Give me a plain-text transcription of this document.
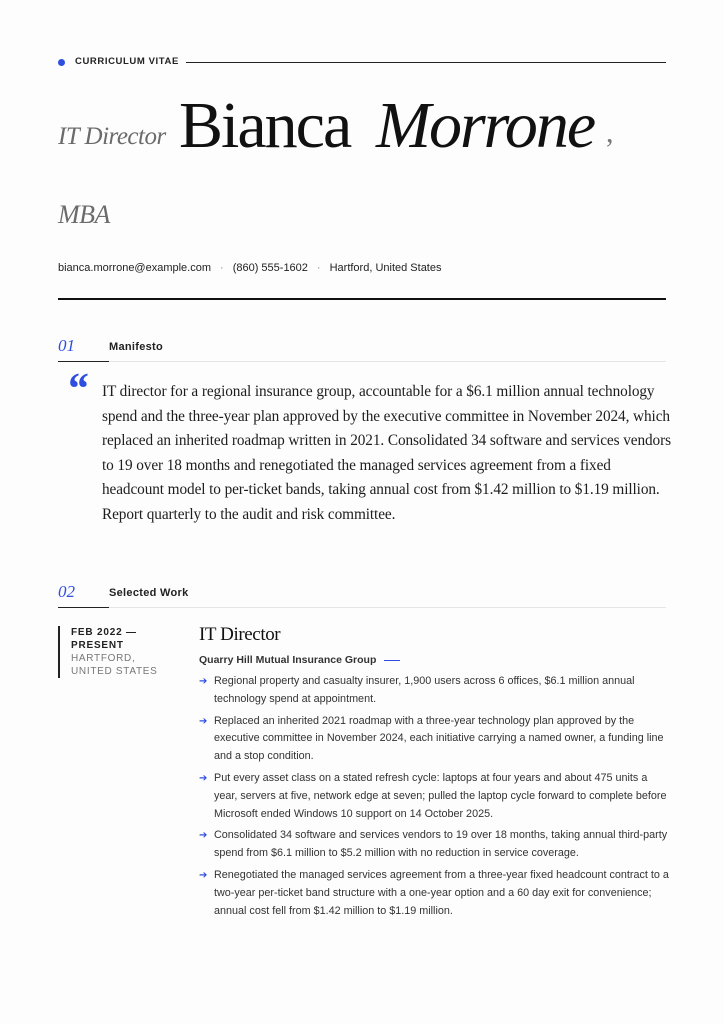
CURRICULUM VITAE
IT Director Bianca Morrone ,
MBA
bianca.morrone@example.com · (860) 555-1602 · Hartford, United States
01	Manifesto
“ IT director for a regional insurance group, accountable for a $6.1 million annual technology spend and the three-year plan approved by the executive committee in November 2024, which replaced an inherited roadmap written in 2021. Consolidated 34 software and services vendors to 19 over 18 months and renegotiated the managed services agreement from a fixed headcount model to per-ticket bands, taking annual cost from $1.42 million to $1.19 million. Report quarterly to the audit and risk committee.
02	Selected Work
FEB 2022 —
PRESENT
HARTFORD,
UNITED STATES
IT Director
Quarry Hill Mutual Insurance Group
➔ Regional property and casualty insurer, 1,900 users across 6 offices, $6.1 million annual technology spend at appointment.
➔ Replaced an inherited 2021 roadmap with a three-year technology plan approved by the executive committee in November 2024, each initiative carrying a named owner, a funding line and a stop condition.
➔ Put every asset class on a stated refresh cycle: laptops at four years and about 475 units a year, servers at five, network edge at seven; pulled the laptop cycle forward to complete before Microsoft ended Windows 10 support on 14 October 2025.
➔ Consolidated 34 software and services vendors to 19 over 18 months, taking annual third-party spend from $6.1 million to $5.2 million with no reduction in service coverage.
➔ Renegotiated the managed services agreement from a three-year fixed headcount contract to a two-year per-ticket band structure with a one-year option and a 60 day exit for convenience; annual cost fell from $1.42 million to $1.19 million.
